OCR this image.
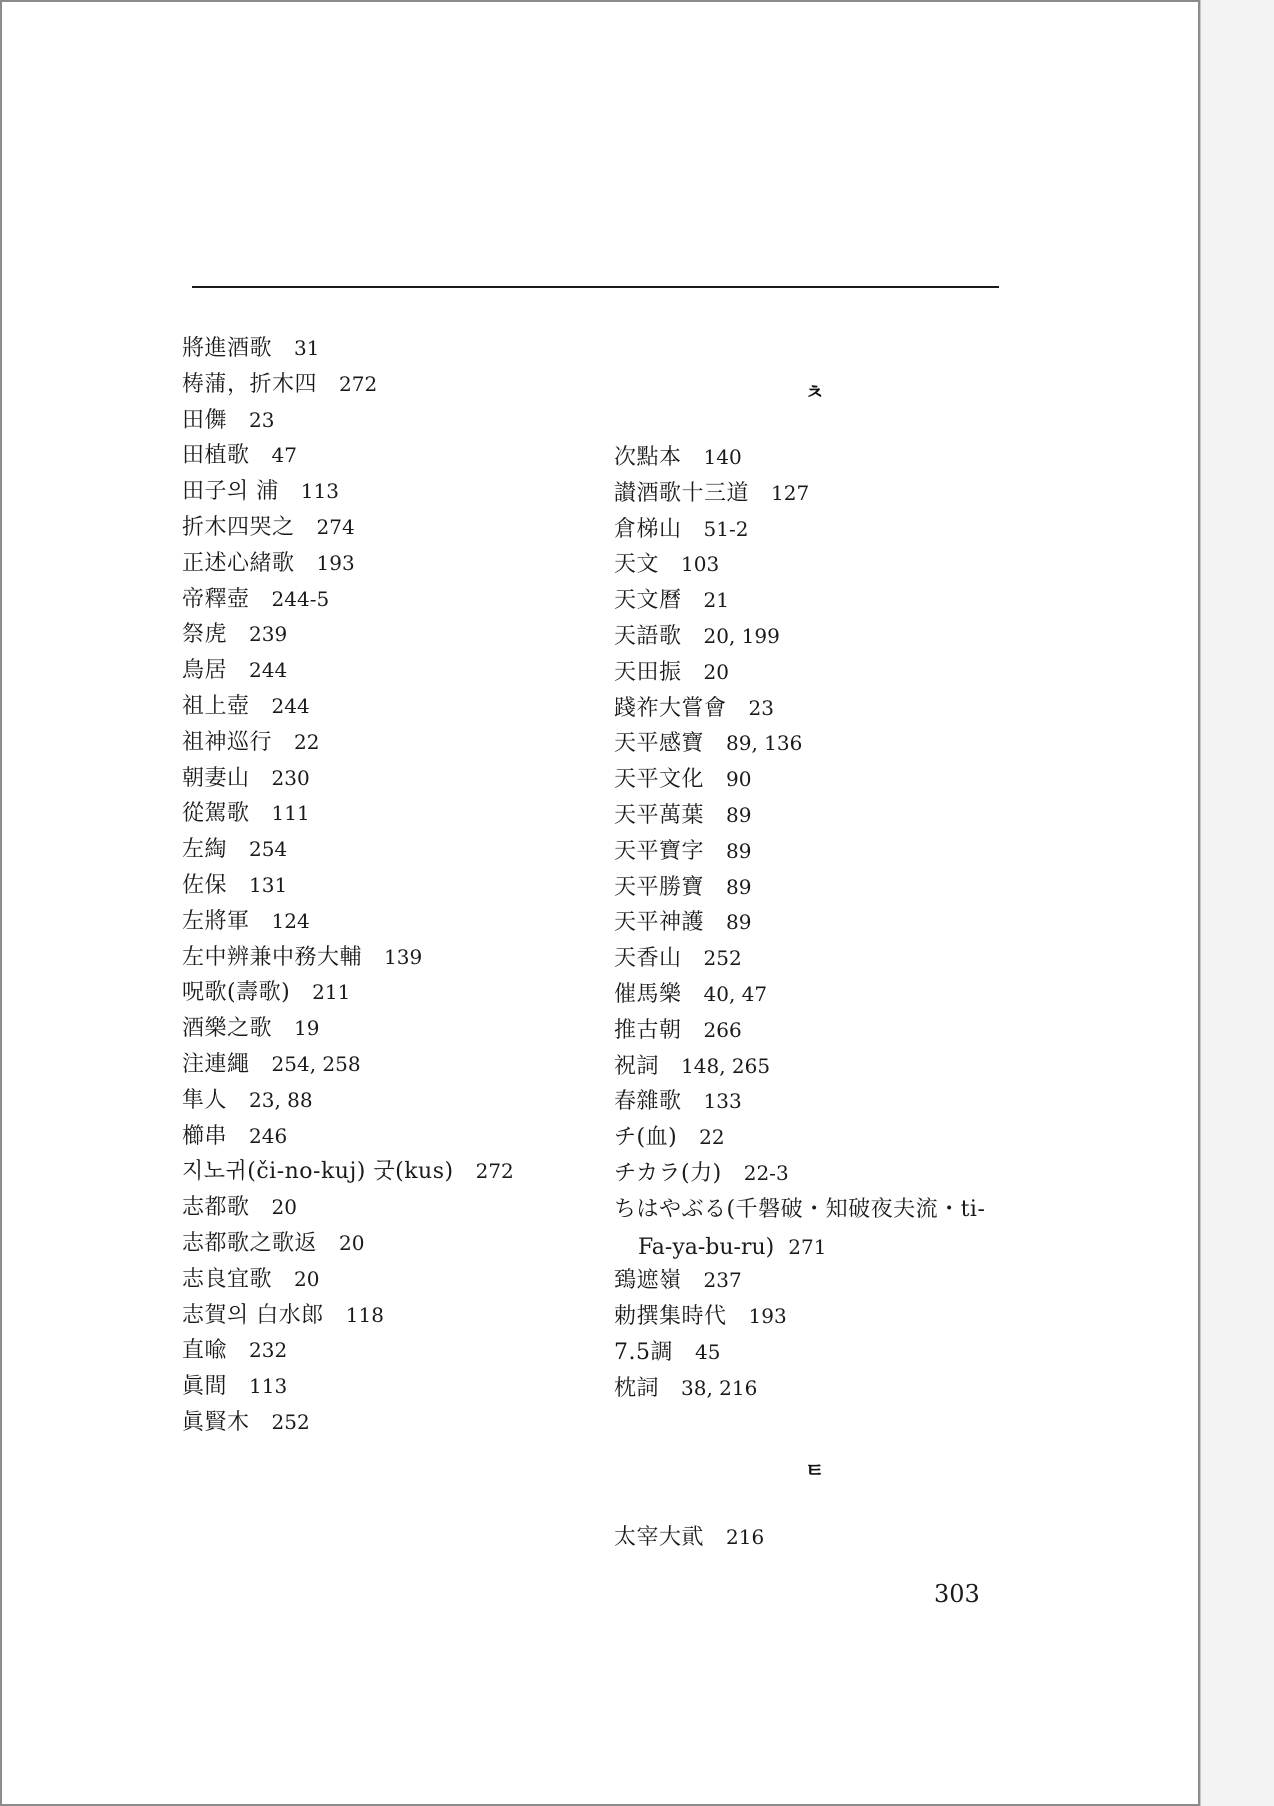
ㅊ
ㅌ
Fa-ya-bu-ru) 271
303
將進酒歌 31
梼蒲，折木四 272
田儛 23
田植歌 47
田子의 浦 113
折木四哭之 274
正述心緒歌 193
帝釋壺 244-5
祭虎 239
鳥居 244
祖上壺 244
祖神巡行 22
朝妻山 230
從駕歌 111
左綯 254
佐保 131
左將軍 124
左中辨兼中務大輔 139
呪歌(壽歌) 211
酒樂之歌 19
注連繩 254, 258
隼人 23, 88
櫛串 246
지노귀(či-no-kuj) 굿(kus) 272
志都歌 20
志都歌之歌返 20
志良宜歌 20
志賀의 白水郎 118
直喩 232
眞間 113
眞賢木 252
次點本 140
讃酒歌十三道 127
倉梯山 51-2
天文 103
天文曆 21
天語歌 20, 199
天田振 20
踐祚大嘗會 23
天平感寶 89, 136
天平文化 90
天平萬葉 89
天平寶字 89
天平勝寶 89
天平神護 89
天香山 252
催馬樂 40, 47
推古朝 266
祝詞 148, 265
春雜歌 133
チ(血) 22
チカラ(力) 22-3
ちはやぶる(千磐破・知破夜夫流・ti-
鵄遮嶺 237
勅撰集時代 193
7.5調 45
枕詞 38, 216
太宰大貮 216
